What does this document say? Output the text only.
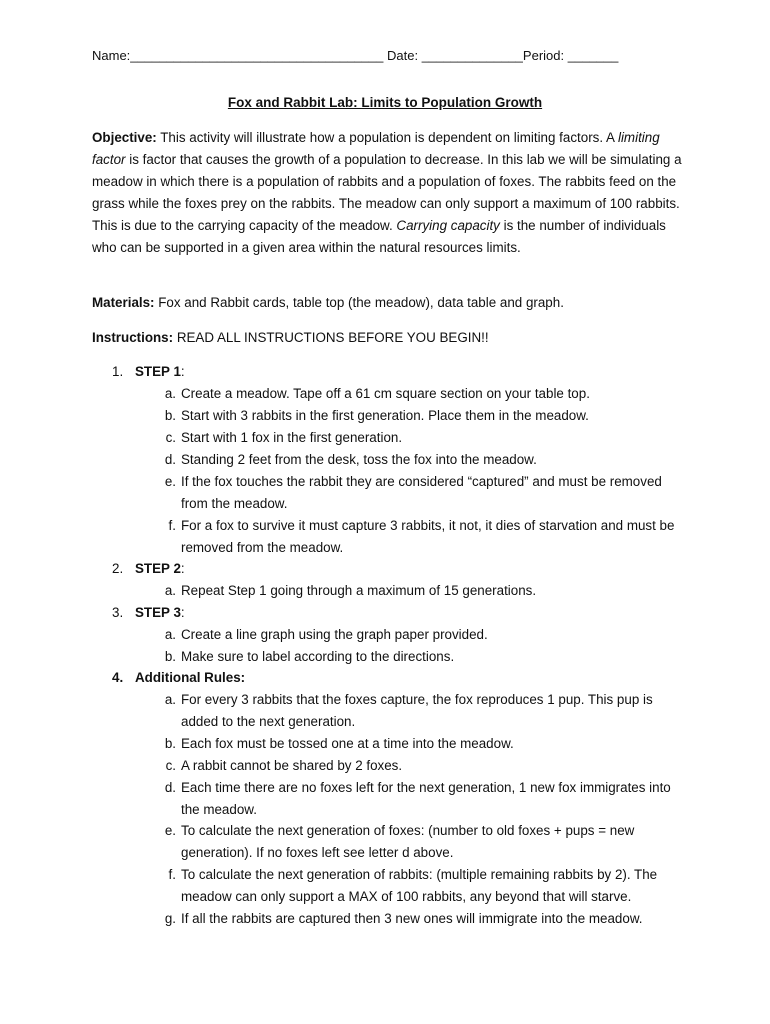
Name:___________________________________ Date: ______________Period: _______
Fox and Rabbit Lab: Limits to Population Growth
Objective: This activity will illustrate how a population is dependent on limiting factors. A limiting factor is factor that causes the growth of a population to decrease. In this lab we will be simulating a meadow in which there is a population of rabbits and a population of foxes. The rabbits feed on the grass while the foxes prey on the rabbits. The meadow can only support a maximum of 100 rabbits. This is due to the carrying capacity of the meadow. Carrying capacity is the number of individuals who can be supported in a given area within the natural resources limits.
Materials: Fox and Rabbit cards, table top (the meadow), data table and graph.
Instructions: READ ALL INSTRUCTIONS BEFORE YOU BEGIN!!
1. STEP 1:
a. Create a meadow. Tape off a 61 cm square section on your table top.
b. Start with 3 rabbits in the first generation. Place them in the meadow.
c. Start with 1 fox in the first generation.
d. Standing 2 feet from the desk, toss the fox into the meadow.
e. If the fox touches the rabbit they are considered “captured” and must be removed from the meadow.
f. For a fox to survive it must capture 3 rabbits, it not, it dies of starvation and must be removed from the meadow.
2. STEP 2:
a. Repeat Step 1 going through a maximum of 15 generations.
3. STEP 3:
a. Create a line graph using the graph paper provided.
b. Make sure to label according to the directions.
4. Additional Rules:
a. For every 3 rabbits that the foxes capture, the fox reproduces 1 pup. This pup is added to the next generation.
b. Each fox must be tossed one at a time into the meadow.
c. A rabbit cannot be shared by 2 foxes.
d. Each time there are no foxes left for the next generation, 1 new fox immigrates into the meadow.
e. To calculate the next generation of foxes: (number to old foxes + pups = new generation). If no foxes left see letter d above.
f. To calculate the next generation of rabbits: (multiple remaining rabbits by 2). The meadow can only support a MAX of 100 rabbits, any beyond that will starve.
g. If all the rabbits are captured then 3 new ones will immigrate into the meadow.
